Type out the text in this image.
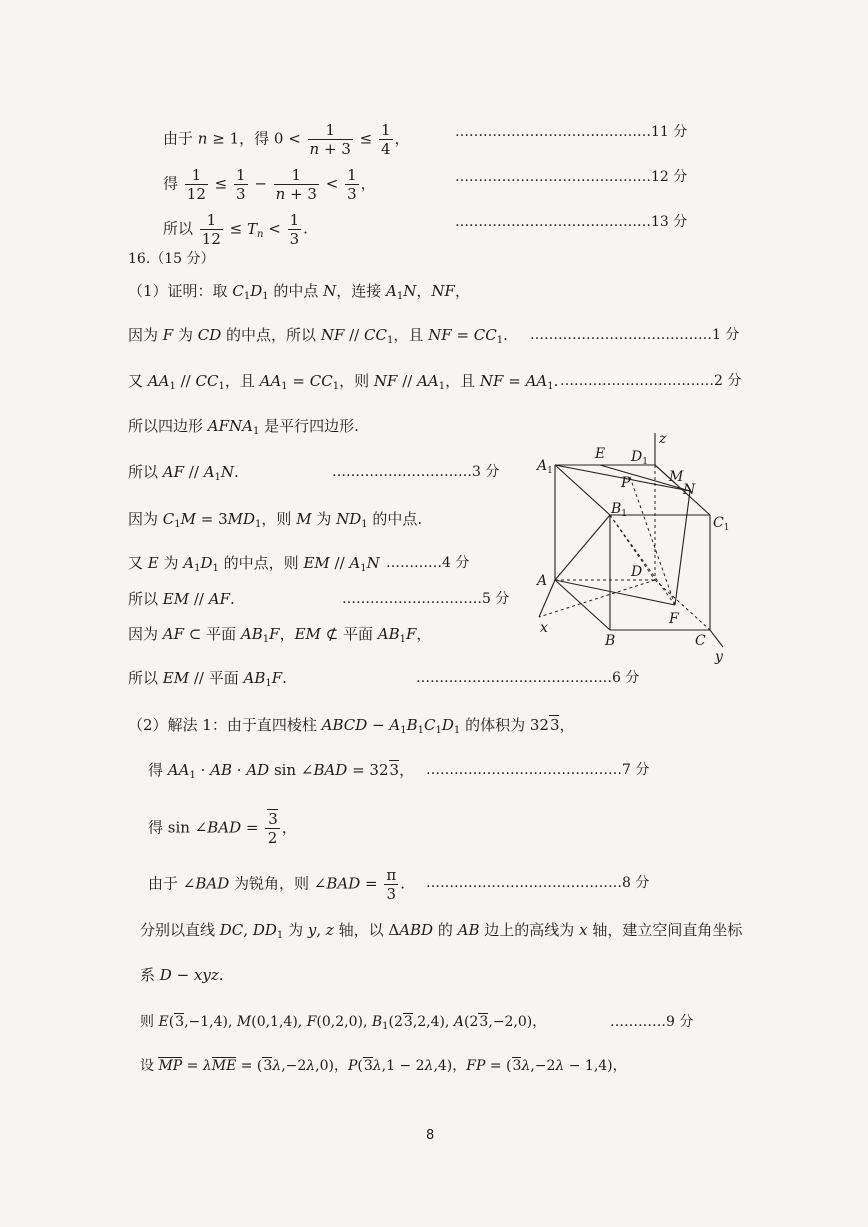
由于 n ≥ 1，得 $0 < \frac{1}{n + 3} \le \frac{1}{4}$ ，	……………………………………11 分
得 $\frac{1}{12} \le \frac{1}{3} - \frac{1}{n + 3} < \frac{1}{3}$ ，	……………………………………12 分
所以 $\frac{1}{12} \le T_n < \frac{1}{3}$ .	……………………………………13 分
16.（15 分）
（1）证明：取 $C_1D_1$ 的中点 N，连接 $A_1N$，NF，
因为 F 为 CD 的中点，所以 NF // $CC_1$，且 NF = $CC_1$. …………………………………1 分
又 $AA_1 // CC_1$，且 $AA_1 = CC_1$，则 NF // $AA_1$，且 NF = $AA_1$. ……………………………2 分
所以四边形 $AFNA_1$ 是平行四边形.
所以 AF // $A_1N$.	…………………………3 分
因为 $C_1M = 3MD_1$，则 M 为 $ND_1$ 的中点.
又 E 为 $A_1D_1$ 的中点，则 EM // $A_1N$ …………4 分
所以 EM // AF.	…………………………5 分
因为 AF ⊂ 平面 $AB_1F$，EM ⊄ 平面 $AB_1F$，
所以 EM // 平面 $AB_1F$.	……………………………………6 分
（2）解法 1：由于直四棱柱 ABCD − $A_1B_1C_1D_1$ 的体积为 323，
得 $AA_1$ · AB · AD sin ∠BAD = 323， ……………………………………7 分
得 sin ∠BAD = $\frac{3}{2}$ ，
由于 ∠BAD 为锐角，则 ∠BAD = $\frac{\pi}{3}$ . ……………………………………8 分
分别以直线 DC, $DD_1$ 为 y, z 轴，以 ΔABD 的 AB 边上的高线为 x 轴，建立空间直角坐标
系 D − xyz.
则 E(3,−1,4), M(0,1,4), F(0,2,0), $B_1(23,2,4)$, A(23,−2,0)，	…………9 分
设 MP = λME = (3λ,−2λ,0)，P(3λ,1 − 2λ,4)，FP = (3λ,−2λ − 1,4)，
$A_1$
E $D_1$
z
M
P	N
$B_1$
$C_1$
A
D
F
x
B	C
y
8
